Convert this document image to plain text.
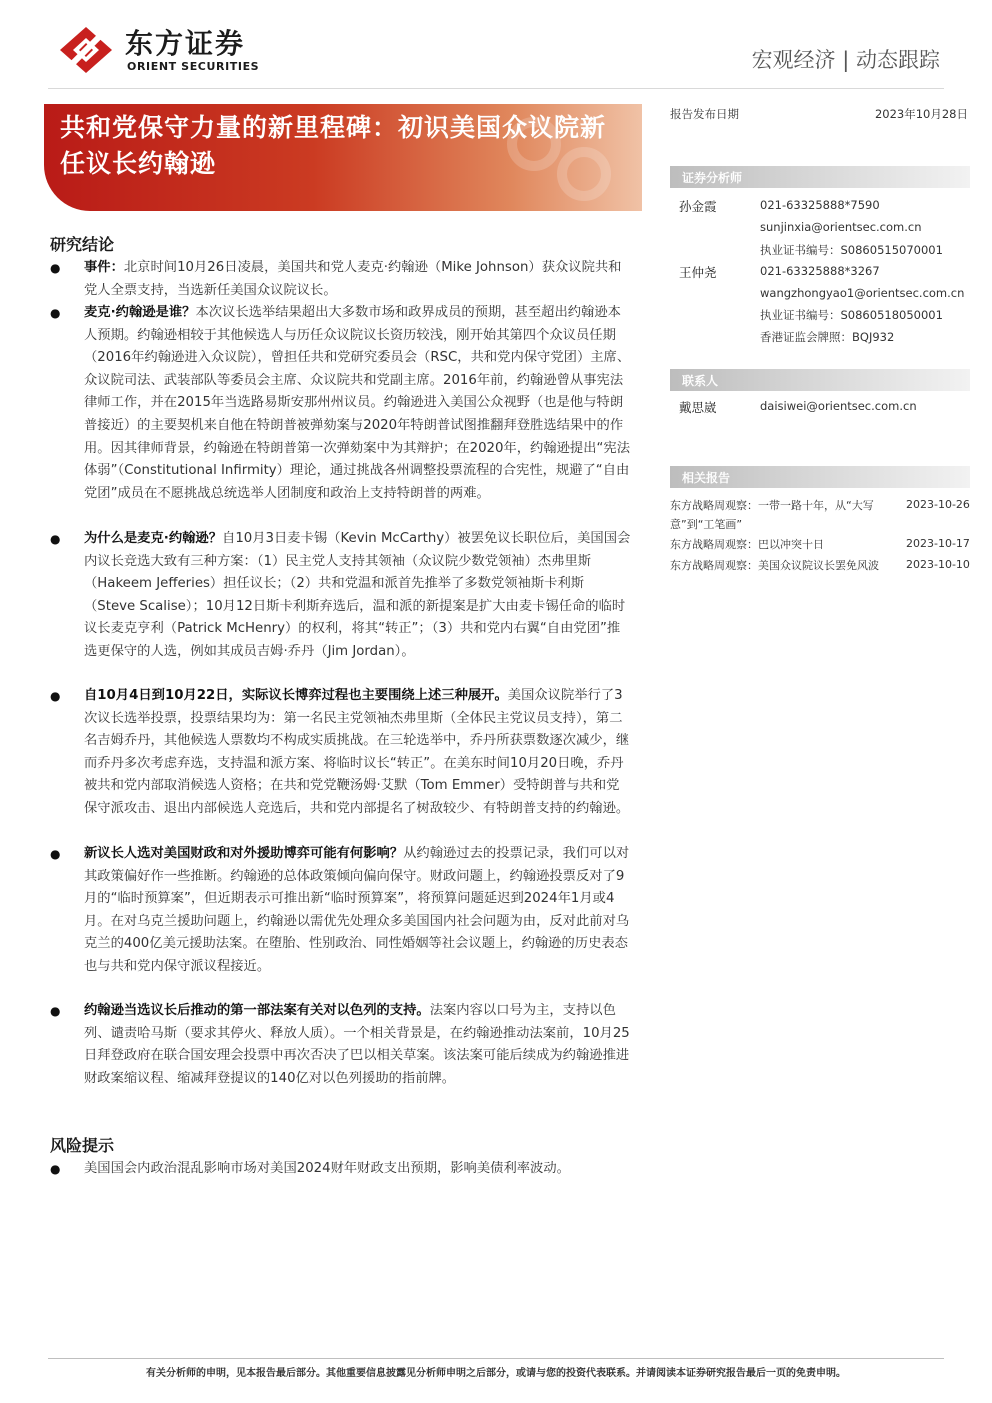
东方证券
ORIENT SECURITIES	宏观经济 | 动态跟踪
共和党保守力量的新里程碑：初识美国众议院新任议长约翰逊
研究结论
● 事件：北京时间10月26日凌晨，美国共和党人麦克·约翰逊（Mike Johnson）获众议院共和党人全票支持，当选新任美国众议院议长。
● 麦克·约翰逊是谁？本次议长选举结果超出大多数市场和政界成员的预期，甚至超出约翰逊本人预期。约翰逊相较于其他候选人与历任众议院议长资历较浅，刚开始其第四个众议员任期（2016年约翰逊进入众议院），曾担任共和党研究委员会（RSC，共和党内保守党团）主席、众议院司法、武装部队等委员会主席、众议院共和党副主席。2016年前，约翰逊曾从事宪法律师工作，并在2015年当选路易斯安那州州议员。约翰逊进入美国公众视野（也是他与特朗普接近）的主要契机来自他在特朗普被弹劾案与2020年特朗普试图推翻拜登胜选结果中的作用。因其律师背景，约翰逊在特朗普第一次弹劾案中为其辩护；在2020年，约翰逊提出“宪法体弱”（Constitutional Infirmity）理论，通过挑战各州调整投票流程的合宪性，规避了“自由党团”成员在不愿挑战总统选举人团制度和政治上支持特朗普的两难。
● 为什么是麦克·约翰逊？自10月3日麦卡锡（Kevin McCarthy）被罢免议长职位后，美国国会内议长竞选大致有三种方案：（1）民主党人支持其领袖（众议院少数党领袖）杰弗里斯（Hakeem Jefferies）担任议长；（2）共和党温和派首先推举了多数党领袖斯卡利斯（Steve Scalise）；10月12日斯卡利斯弃选后，温和派的新提案是扩大由麦卡锡任命的临时议长麦克亨利（Patrick McHenry）的权利，将其“转正”；（3）共和党内右翼“自由党团”推选更保守的人选，例如其成员吉姆·乔丹（Jim Jordan）。
● 自10月4日到10月22日，实际议长博弈过程也主要围绕上述三种展开。美国众议院举行了3次议长选举投票，投票结果均为：第一名民主党领袖杰弗里斯（全体民主党议员支持），第二名吉姆乔丹，其他候选人票数均不构成实质挑战。在三轮选举中，乔丹所获票数逐次减少，继而乔丹多次考虑弃选，支持温和派方案、将临时议长“转正”。在美东时间10月20日晚，乔丹被共和党内部取消候选人资格；在共和党党鞭汤姆·艾默（Tom Emmer）受特朗普与共和党保守派攻击、退出内部候选人竞选后，共和党内部提名了树敌较少、有特朗普支持的约翰逊。
● 新议长人选对美国财政和对外援助博弈可能有何影响？从约翰逊过去的投票记录，我们可以对其政策偏好作一些推断。约翰逊的总体政策倾向偏向保守。财政问题上，约翰逊投票反对了9月的“临时预算案”，但近期表示可推出新“临时预算案”，将预算问题延迟到2024年1月或4月。在对乌克兰援助问题上，约翰逊以需优先处理众多美国国内社会问题为由，反对此前对乌克兰的400亿美元援助法案。在堕胎、性别政治、同性婚姻等社会议题上，约翰逊的历史表态也与共和党内保守派议程接近。
● 约翰逊当选议长后推动的第一部法案有关对以色列的支持。法案内容以口号为主，支持以色列、谴责哈马斯（要求其停火、释放人质）。一个相关背景是，在约翰逊推动法案前，10月25日拜登政府在联合国安理会投票中再次否决了巴以相关草案。该法案可能后续成为约翰逊推进财政案缩议程、缩减拜登提议的140亿对以色列援助的指前牌。
风险提示
● 美国国会内政治混乱影响市场对美国2024财年财政支出预期，影响美债利率波动。
报告发布日期	2023年10月28日
证券分析师
孙金霞	021-63325888*7590
sunjinxia@orientsec.com.cn
执业证书编号：S0860515070001
王仲尧	021-63325888*3267
wangzhongyao1@orientsec.com.cn
执业证书编号：S0860518050001
香港证监会牌照：BQJ932
联系人
戴思崴	daisiwei@orientsec.com.cn
相关报告
东方战略周观察：一带一路十年，从“大写意”到“工笔画”
2023-10-26
东方战略周观察：巴以冲突十日	2023-10-17
东方战略周观察：美国众议院议长罢免风波	2023-10-10
有关分析师的申明，见本报告最后部分。其他重要信息披露见分析师申明之后部分，或请与您的投资代表联系。并请阅读本证券研究报告最后一页的免责申明。
